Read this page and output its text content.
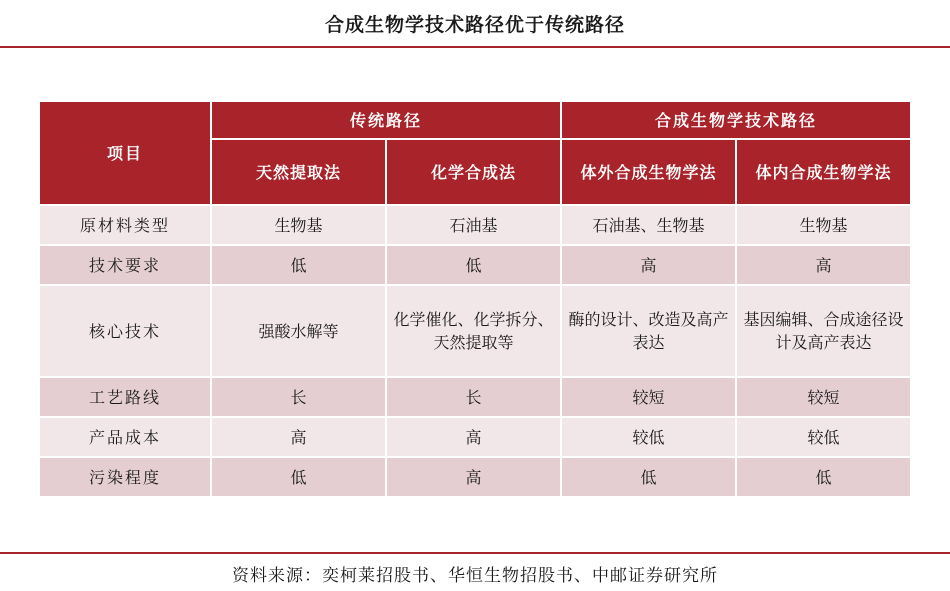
合成生物学技术路径优于传统路径
项目	传统路径		合成生物学技术路径	
	天然提取法	化学合成法	体外合成生物学法	体内合成生物学法
原材料类型	生物基	石油基	石油基、生物基	生物基
技术要求	低	低	高	高
核心技术	强酸水解等	化学催化、化学拆分、天然提取等	酶的设计、改造及高产表达	基因编辑、合成途径设计及高产表达
工艺路线	长	长	较短	较短
产品成本	高	高	较低	较低
污染程度	低	高	低	低
资料来源：奕柯莱招股书、华恒生物招股书、中邮证券研究所
